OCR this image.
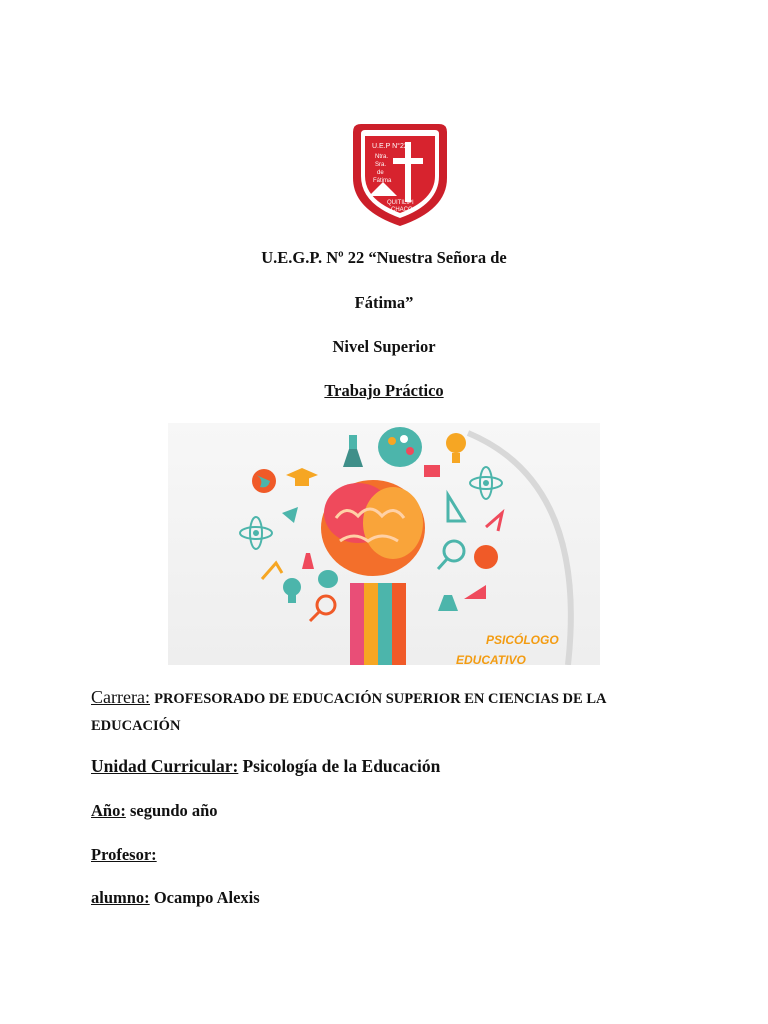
U.E.P N°22
Ntra.
Sra.
de
Fátima
QUITILIPI
CHACO
U.E.G.P. Nº 22 “Nuestra Señora de
Fátima”
Nivel Superior
Trabajo Práctico
PSICÓLOGO
EDUCATIVO
Carrera: PROFESORADO DE EDUCACIÓN SUPERIOR EN CIENCIAS DE LA
EDUCACIÓN
Unidad Curricular: Psicología de la Educación
Año: segundo año
Profesor:
alumno: Ocampo Alexis
